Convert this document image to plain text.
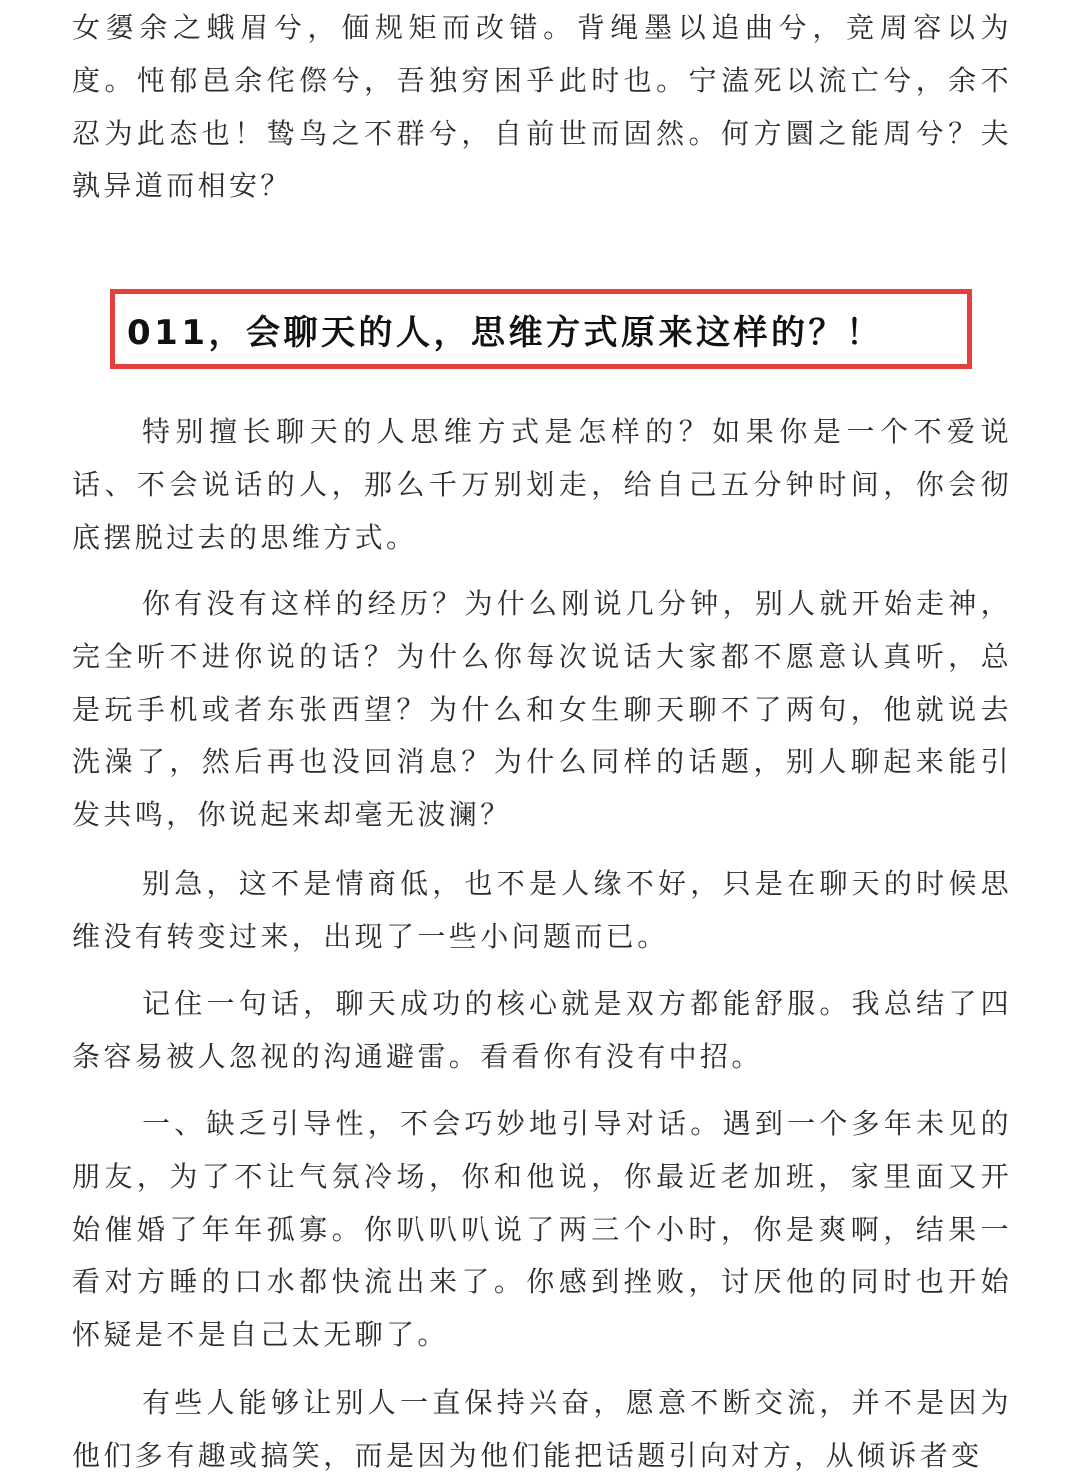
女嬃余之蛾眉兮，偭规矩而改错。背绳墨以追曲兮，竞周容以为度。忳郁邑余侘傺兮，吾独穷困乎此时也。宁溘死以流亡兮，余不忍为此态也！鸷鸟之不群兮，自前世而固然。何方圜之能周兮？夫孰异道而相安？

011，会聊天的人，思维方式原来这样的？！

特别擅长聊天的人思维方式是怎样的？如果你是一个不爱说话、不会说话的人，那么千万别划走，给自己五分钟时间，你会彻底摆脱过去的思维方式。

你有没有这样的经历？为什么刚说几分钟，别人就开始走神，完全听不进你说的话？为什么你每次说话大家都不愿意认真听，总是玩手机或者东张西望？为什么和女生聊天聊不了两句，他就说去洗澡了，然后再也没回消息？为什么同样的话题，别人聊起来能引发共鸣，你说起来却毫无波澜？

别急，这不是情商低，也不是人缘不好，只是在聊天的时候思维没有转变过来，出现了一些小问题而已。

记住一句话，聊天成功的核心就是双方都能舒服。我总结了四条容易被人忽视的沟通避雷。看看你有没有中招。

一、缺乏引导性，不会巧妙地引导对话。遇到一个多年未见的朋友，为了不让气氛冷场，你和他说，你最近老加班，家里面又开始催婚了年年孤寡。你叭叭叭说了两三个小时，你是爽啊，结果一看对方睡的口水都快流出来了。你感到挫败，讨厌他的同时也开始怀疑是不是自己太无聊了。

有些人能够让别人一直保持兴奋，愿意不断交流，并不是因为他们多有趣或搞笑，而是因为他们能把话题引向对方，从倾诉者变
